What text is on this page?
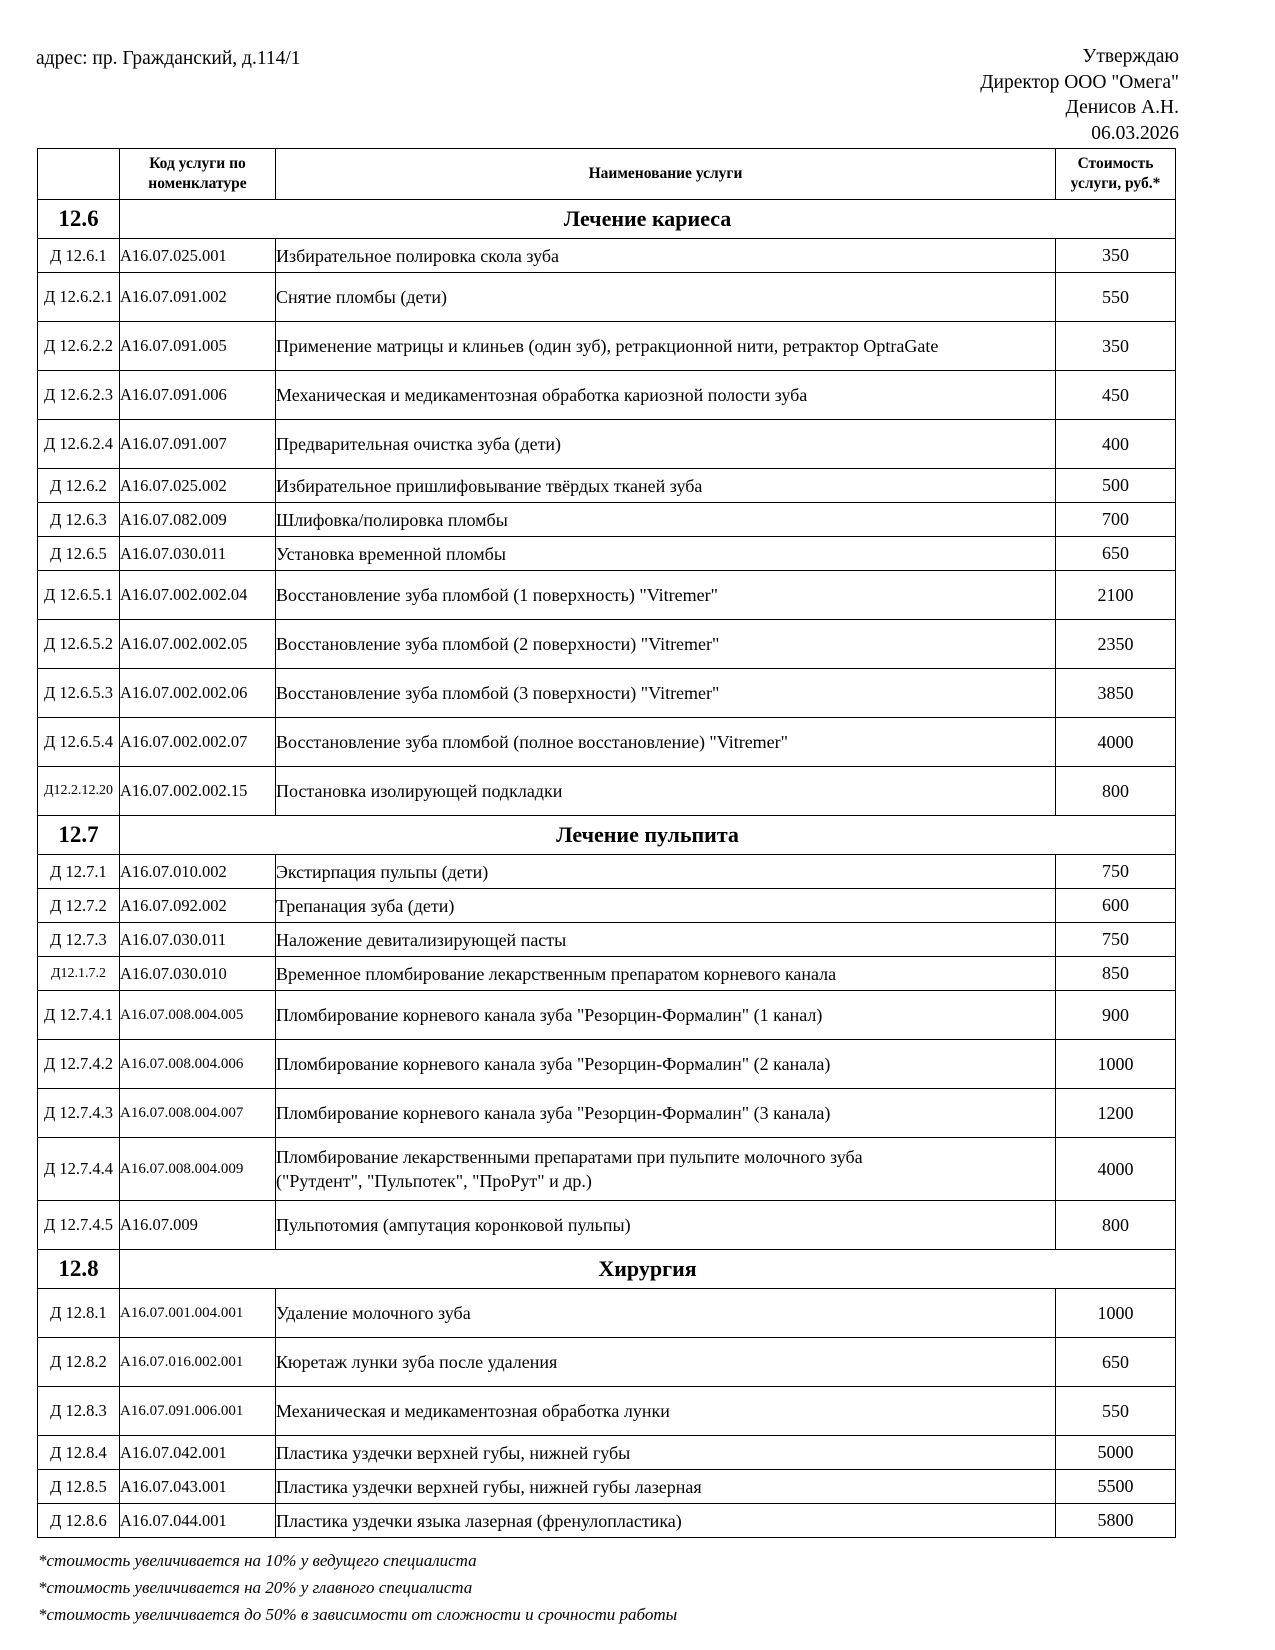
адрес: пр. Гражданский, д.114/1	Утверждаю
Директор ООО "Омега"
Денисов А.Н.
06.03.2026
	Код услуги по номенклатуре	Наименование услуги	Стоимость услуги, руб.*
12.6	Лечение кариеса		
Д 12.6.1	A16.07.025.001	Избирательное полировка скола зуба	350
Д 12.6.2.1	A16.07.091.002	Снятие пломбы (дети)	550
Д 12.6.2.2	A16.07.091.005	Применение матрицы и клиньев (один зуб), ретракционной нити, ретрактор OptraGate	350
Д 12.6.2.3	A16.07.091.006	Механическая и медикаментозная обработка кариозной полости зуба	450
Д 12.6.2.4	A16.07.091.007	Предварительная очистка зуба (дети)	400
Д 12.6.2	A16.07.025.002	Избирательное пришлифовывание твёрдых тканей зуба	500
Д 12.6.3	A16.07.082.009	Шлифовка/полировка пломбы	700
Д 12.6.5	A16.07.030.011	Установка временной пломбы	650
Д 12.6.5.1	A16.07.002.002.04	Восстановление зуба пломбой (1 поверхность) "Vitremer"	2100
Д 12.6.5.2	A16.07.002.002.05	Восстановление зуба пломбой (2 поверхности) "Vitremer"	2350
Д 12.6.5.3	A16.07.002.002.06	Восстановление зуба пломбой (3 поверхности) "Vitremer"	3850
Д 12.6.5.4	A16.07.002.002.07	Восстановление зуба пломбой (полное восстановление) "Vitremer"	4000
Д12.2.12.20	A16.07.002.002.15	Постановка изолирующей подкладки	800
12.7	Лечение пульпита		
Д 12.7.1	A16.07.010.002	Экстирпация пульпы (дети)	750
Д 12.7.2	A16.07.092.002	Трепанация зуба (дети)	600
Д 12.7.3	A16.07.030.011	Наложение девитализирующей пасты	750
Д12.1.7.2	A16.07.030.010	Временное пломбирование лекарственным препаратом корневого канала	850
Д 12.7.4.1	A16.07.008.004.005	Пломбирование корневого канала зуба "Резорцин-Формалин" (1 канал)	900
Д 12.7.4.2	A16.07.008.004.006	Пломбирование корневого канала зуба "Резорцин-Формалин" (2 канала)	1000
Д 12.7.4.3	A16.07.008.004.007	Пломбирование корневого канала зуба "Резорцин-Формалин" (3 канала)	1200
Д 12.7.4.4	A16.07.008.004.009	Пломбирование лекарственными препаратами при пульпите молочного зуба
("Рутдент", "Пульпотек", "ПроРут" и др.)	4000
Д 12.7.4.5	A16.07.009	Пульпотомия (ампутация коронковой пульпы)	800
12.8	Хирургия		
Д 12.8.1	A16.07.001.004.001	Удаление молочного зуба	1000
Д 12.8.2	A16.07.016.002.001	Кюретаж лунки зуба после удаления	650
Д 12.8.3	A16.07.091.006.001	Механическая и медикаментозная обработка лунки	550
Д 12.8.4	A16.07.042.001	Пластика уздечки верхней губы, нижней губы	5000
Д 12.8.5	A16.07.043.001	Пластика уздечки верхней губы, нижней губы лазерная	5500
Д 12.8.6	A16.07.044.001	Пластика уздечки языка лазерная (френулопластика)	5800
*стоимость увеличивается на 10% у ведущего специалиста
*стоимость увеличивается на 20% у главного специалиста
*стоимость увеличивается до 50% в зависимости от сложности и срочности работы
